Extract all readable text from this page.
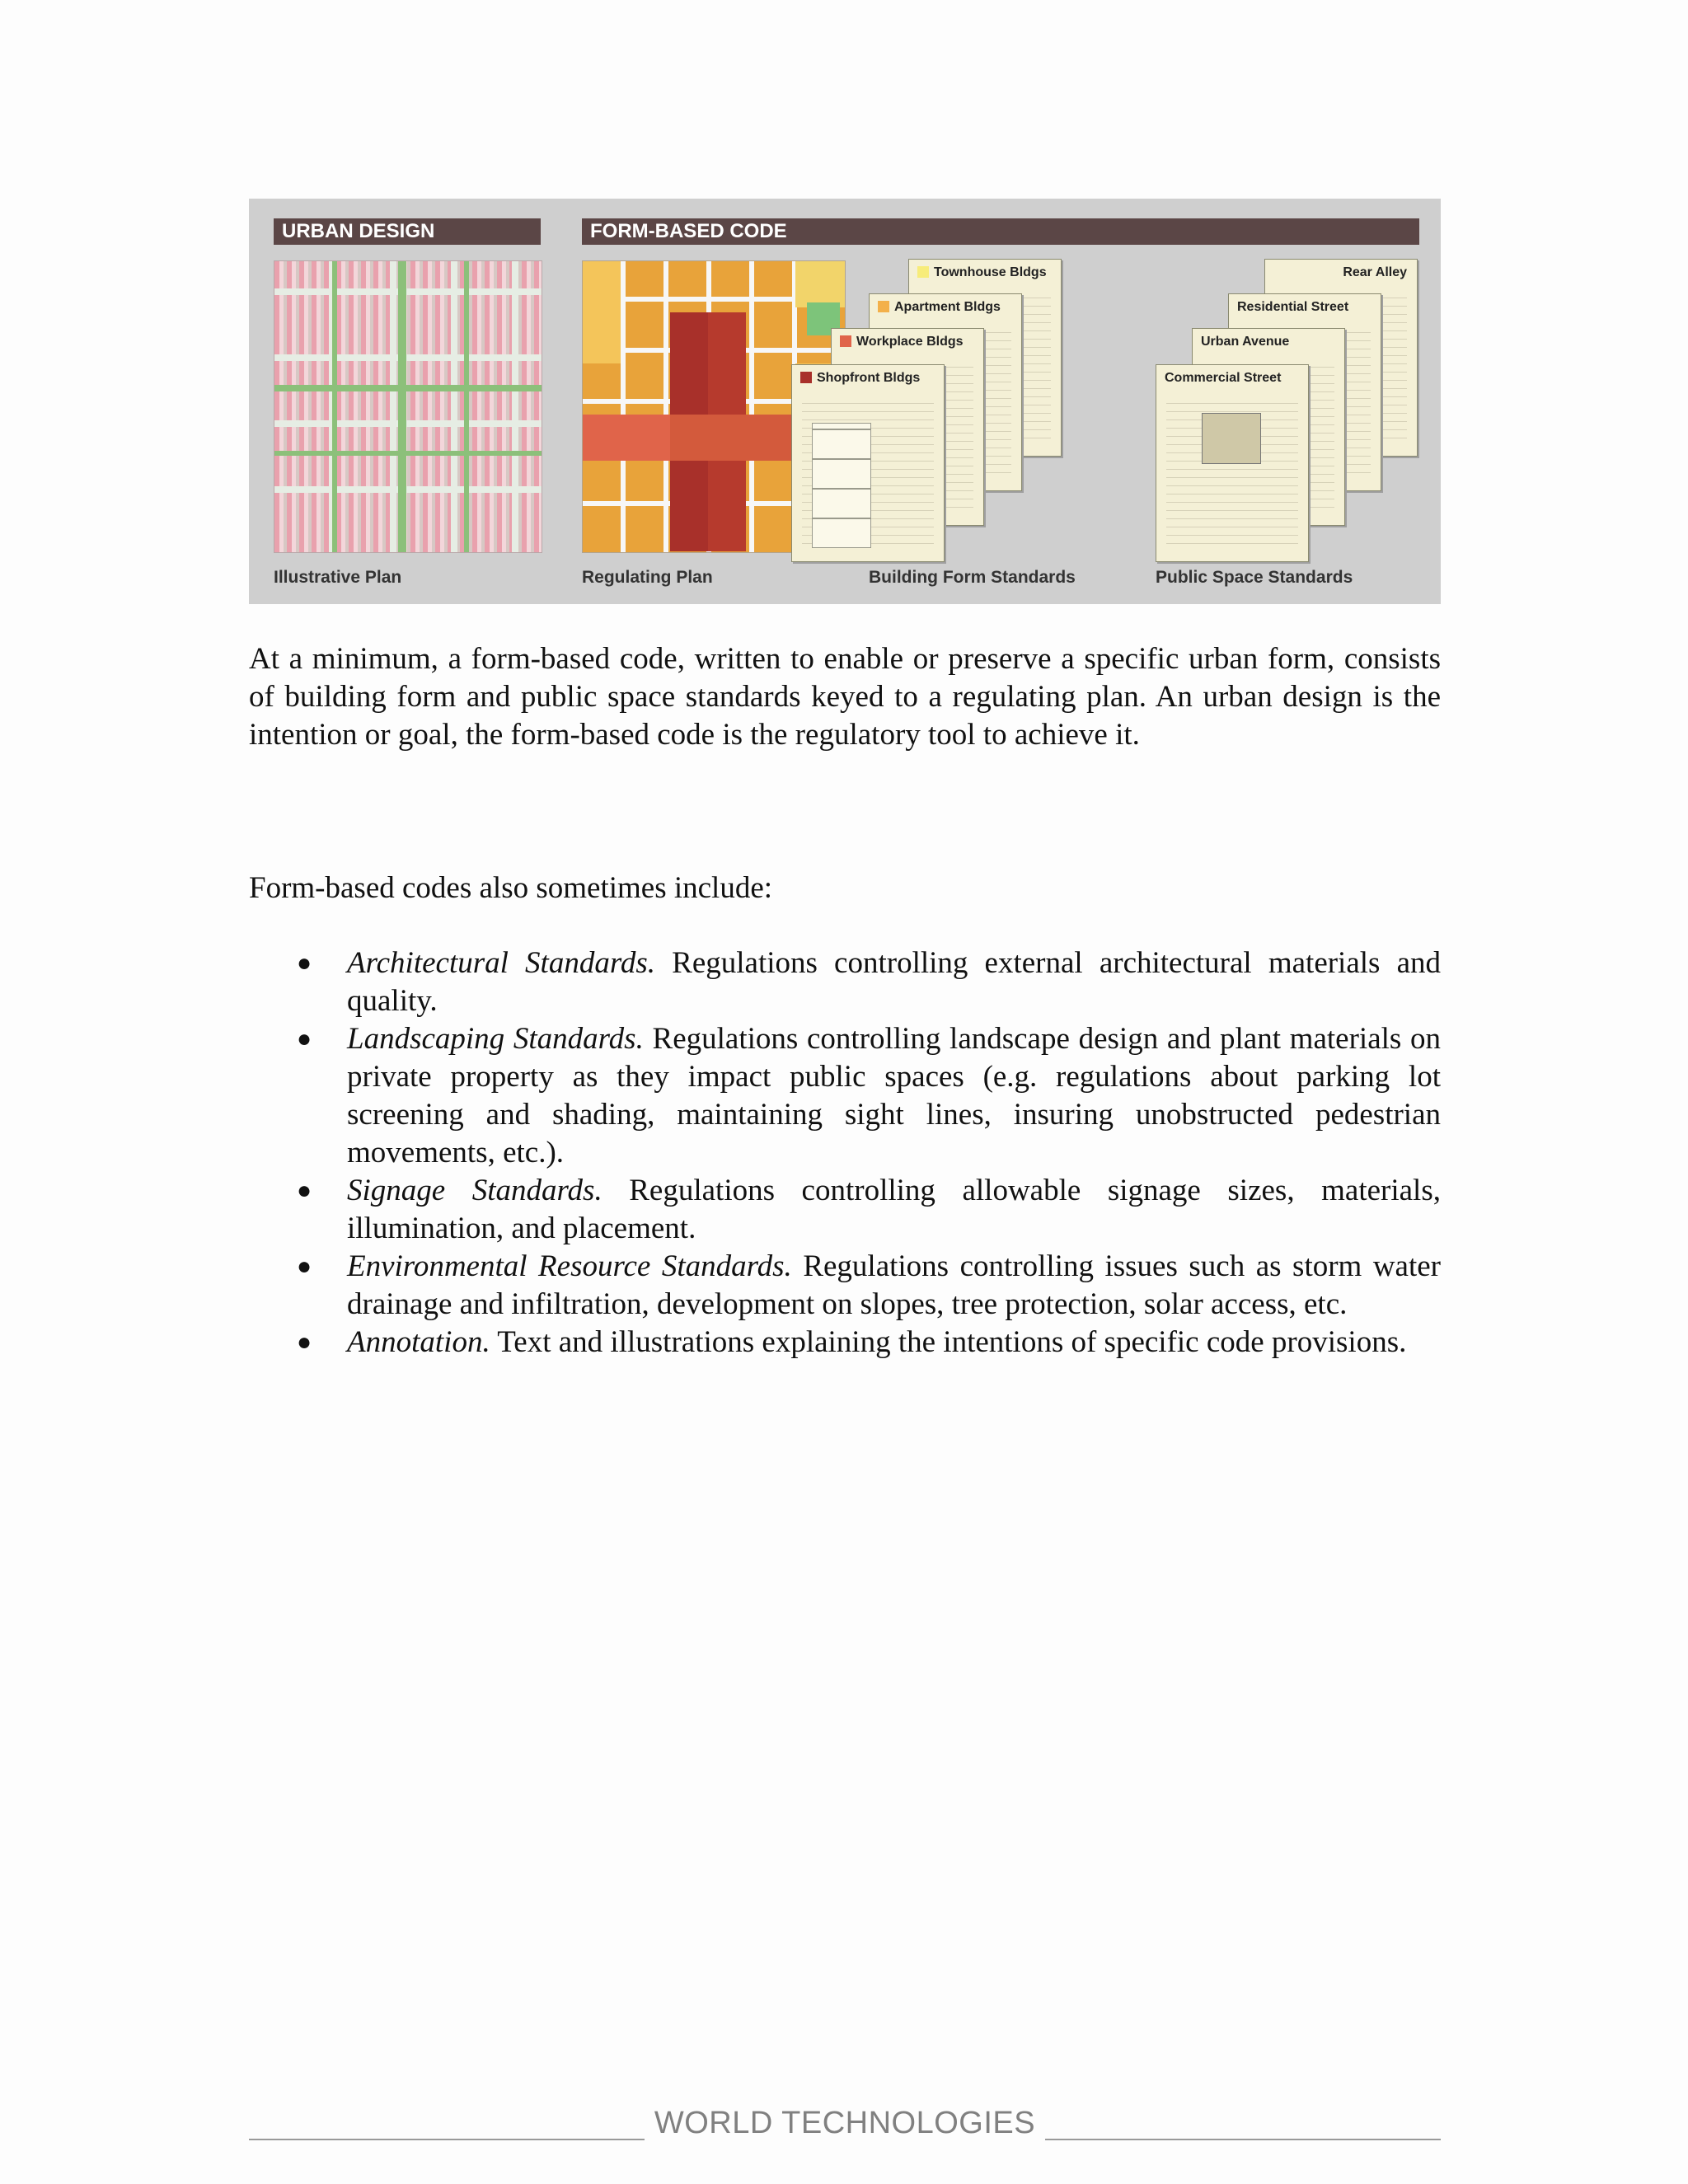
URBAN DESIGN	FORM-BASED CODE
Townhouse Bldgs
Apartment Bldgs
Workplace Bldgs
Shopfront Bldgs
Rear Alley
Residential Street
Urban Avenue
Commercial Street
Illustrative Plan	Regulating Plan	Building Form Standards	Public Space Standards

At a minimum, a form-based code, written to enable or preserve a specific urban form, consists of building form and public space standards keyed to a regulating plan. An urban design is the intention or goal, the form-based code is the regulatory tool to achieve it.

Form-based codes also sometimes include:

● Architectural Standards. Regulations controlling external architectural materials and quality.
● Landscaping Standards. Regulations controlling landscape design and plant materials on private property as they impact public spaces (e.g. regulations about parking lot screening and shading, maintaining sight lines, insuring unobstructed pedestrian movements, etc.).
● Signage Standards. Regulations controlling allowable signage sizes, materials, illumination, and placement.
● Environmental Resource Standards. Regulations controlling issues such as storm water drainage and infiltration, development on slopes, tree protection, solar access, etc.
● Annotation. Text and illustrations explaining the intentions of specific code provisions.
WORLD TECHNOLOGIES
